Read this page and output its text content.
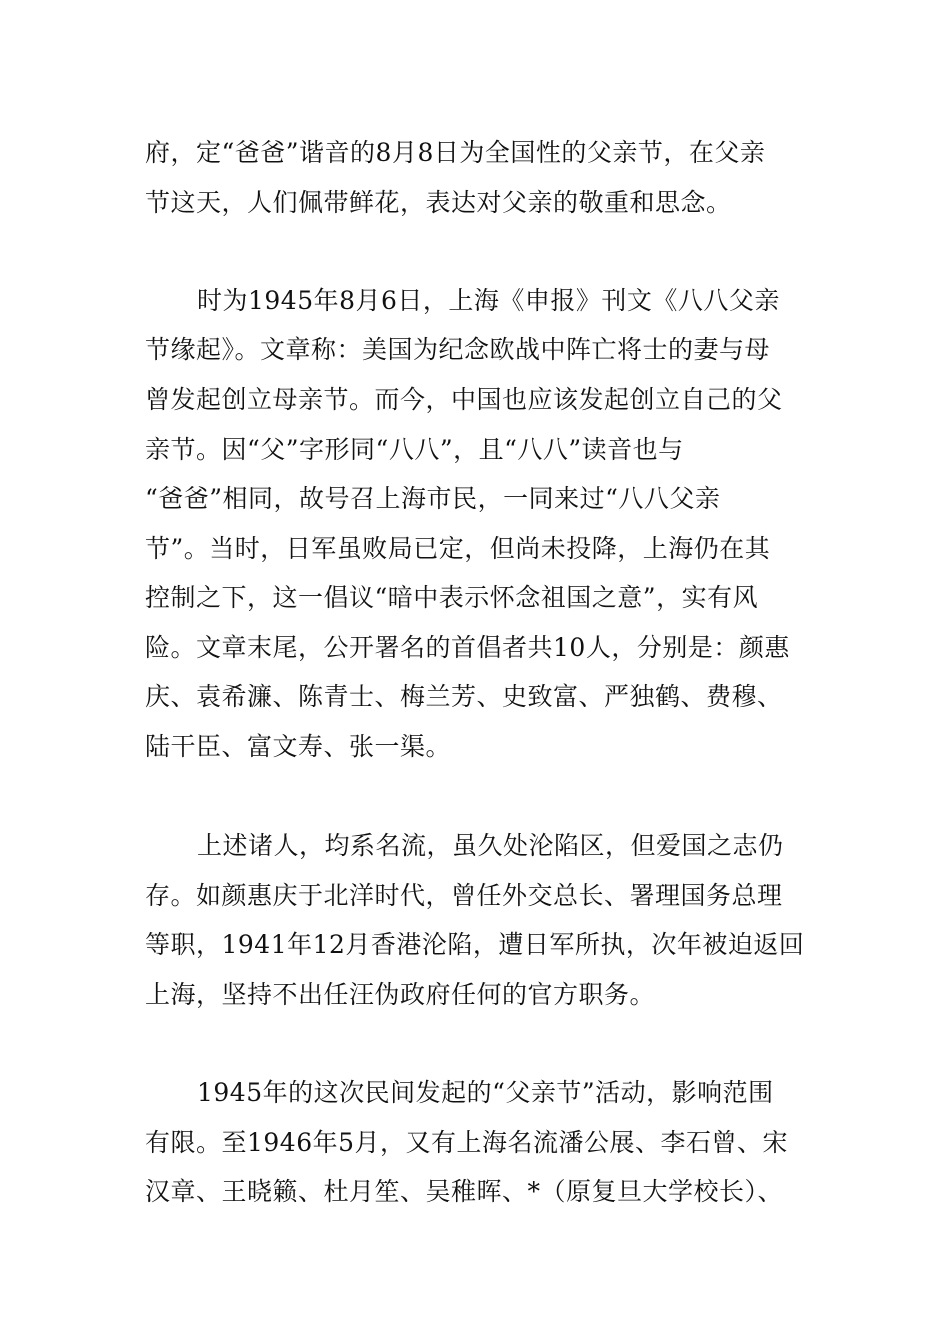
府，定“爸爸”谐音的8月8日为全国性的父亲节，在父亲
节这天，人们佩带鲜花，表达对父亲的敬重和思念。
时为1945年8月6日，上海《申报》刊文《八八父亲
节缘起》。文章称：美国为纪念欧战中阵亡将士的妻与母
曾发起创立母亲节。而今，中国也应该发起创立自己的父
亲节。因“父”字形同“八八”，且“八八”读音也与
“爸爸”相同，故号召上海市民，一同来过“八八父亲
节”。当时，日军虽败局已定，但尚未投降，上海仍在其
控制之下，这一倡议“暗中表示怀念祖国之意”，实有风
险。文章末尾，公开署名的首倡者共10人，分别是：颜惠
庆、袁希濂、陈青士、梅兰芳、史致富、严独鹤、费穆、
陆干臣、富文寿、张一渠。
上述诸人，均系名流，虽久处沦陷区，但爱国之志仍
存。如颜惠庆于北洋时代，曾任外交总长、署理国务总理
等职，1941年12月香港沦陷，遭日军所执，次年被迫返回
上海，坚持不出任汪伪政府任何的官方职务。
1945年的这次民间发起的“父亲节”活动，影响范围
有限。至1946年5月，又有上海名流潘公展、李石曾、宋
汉章、王晓籁、杜月笙、吴稚晖、*（原复旦大学校长）、
